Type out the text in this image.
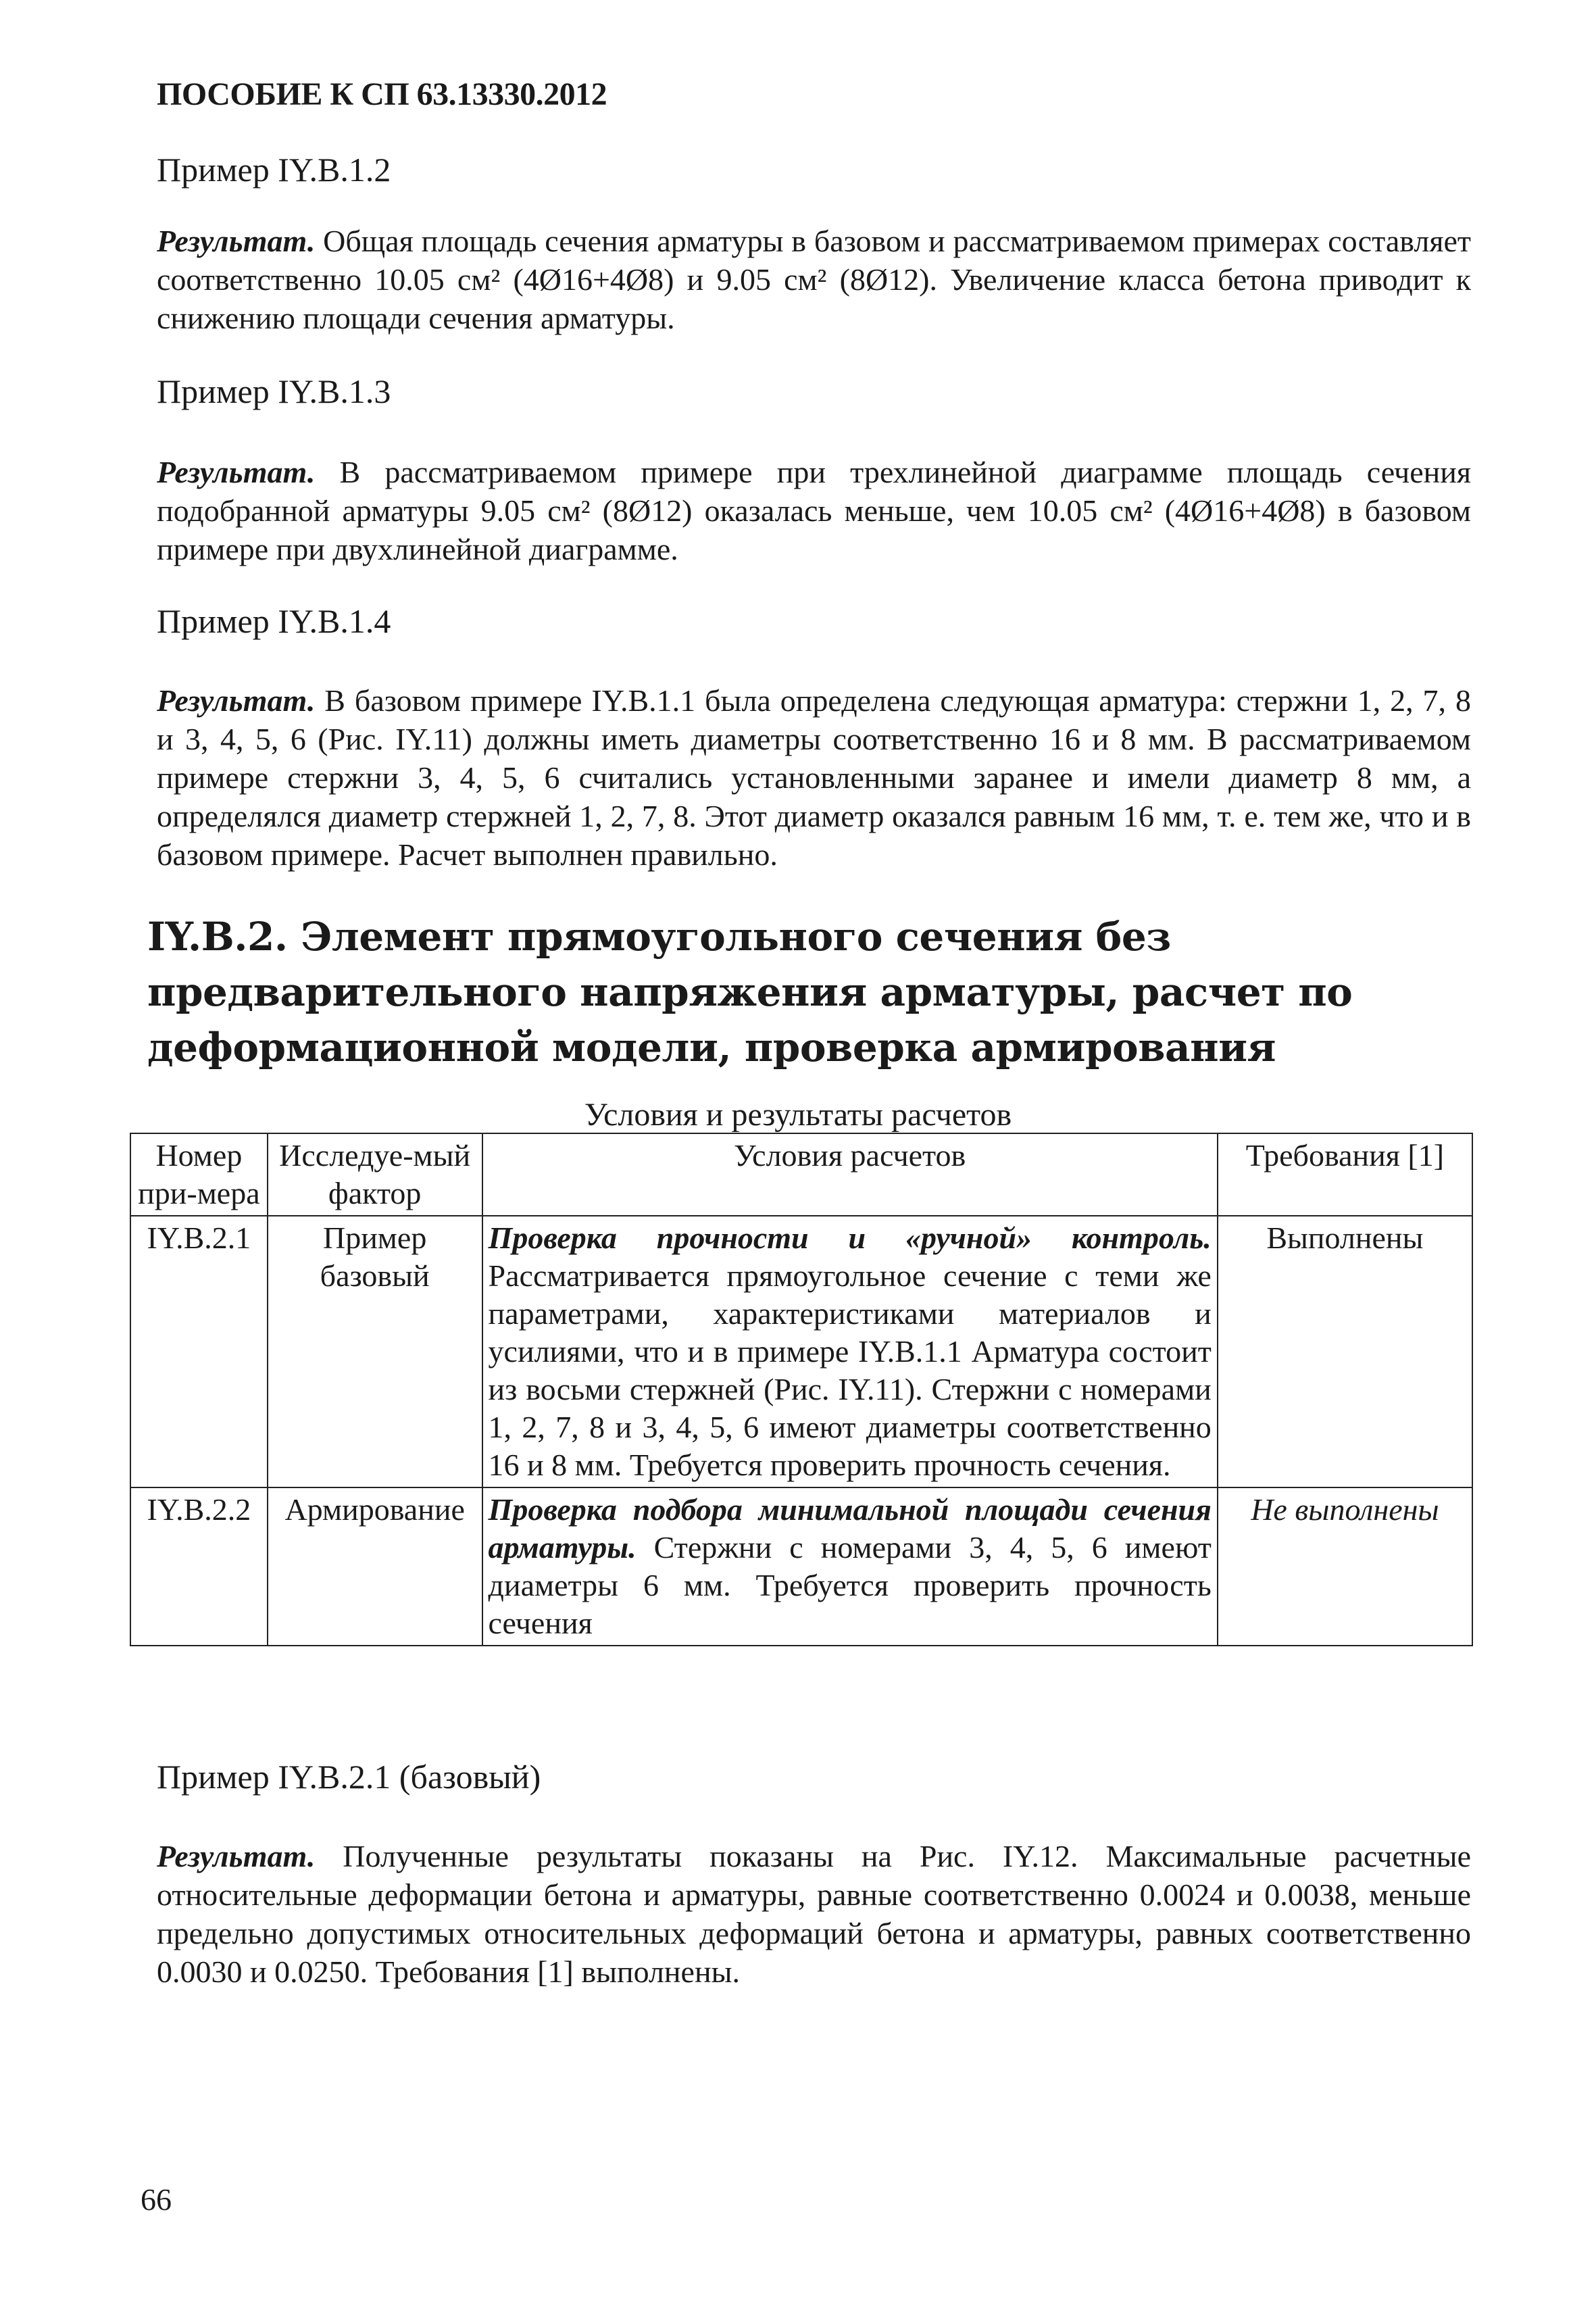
ПОСОБИЕ К СП 63.13330.2012
Пример IY.B.1.2

Результат. Общая площадь сечения арматуры в базовом и рассматриваемом примерах составляет соответственно 10.05 см² (4Ø16+4Ø8) и 9.05 см² (8Ø12). Увеличение класса бетона приводит к снижению площади сечения арматуры.

Пример IY.B.1.3

Результат. В рассматриваемом примере при трехлинейной диаграмме площадь сечения подобранной арматуры 9.05 см² (8Ø12) оказалась меньше, чем 10.05 см² (4Ø16+4Ø8) в базовом примере при двухлинейной диаграмме.

Пример IY.B.1.4

Результат. В базовом примере IY.B.1.1 была определена следующая арматура: стержни 1, 2, 7, 8 и 3, 4, 5, 6 (Рис. IY.11) должны иметь диаметры соответственно 16 и 8 мм. В рассматриваемом примере стержни 3, 4, 5, 6 считались установленными заранее и имели диаметр 8 мм, а определялся диаметр стержней 1, 2, 7, 8. Этот диаметр оказался равным 16 мм, т. е. тем же, что и в базовом примере. Расчет выполнен правильно.

IY.B.2. Элемент прямоугольного сечения без предварительного напряжения арматуры, расчет по деформационной модели, проверка армирования
Условия и результаты расчетов
Номер при-мера	Исследуе-мый фактор	Условия расчетов	Требования [1]
IY.B.2.1	Пример базовый	Проверка прочности и «ручной» контроль. Рассматривается прямоугольное сечение с теми же параметрами, характеристиками материалов и усилиями, что и в примере IY.B.1.1 Арматура состоит из восьми стержней (Рис. IY.11). Стержни с номерами 1, 2, 7, 8 и 3, 4, 5, 6 имеют диаметры соответственно 16 и 8 мм. Требуется проверить прочность сечения.	Выполнены
IY.B.2.2	Армирование	Проверка подбора минимальной площади сечения арматуры. Стержни с номерами 3, 4, 5, 6 имеют диаметры 6 мм. Требуется проверить прочность сечения	Не выполнены
Пример IY.B.2.1 (базовый)

Результат. Полученные результаты показаны на Рис. IY.12. Максимальные расчетные относительные деформации бетона и арматуры, равные соответственно 0.0024 и 0.0038, меньше предельно допустимых относительных деформаций бетона и арматуры, равных соответственно 0.0030 и 0.0250. Требования [1] выполнены.

66
